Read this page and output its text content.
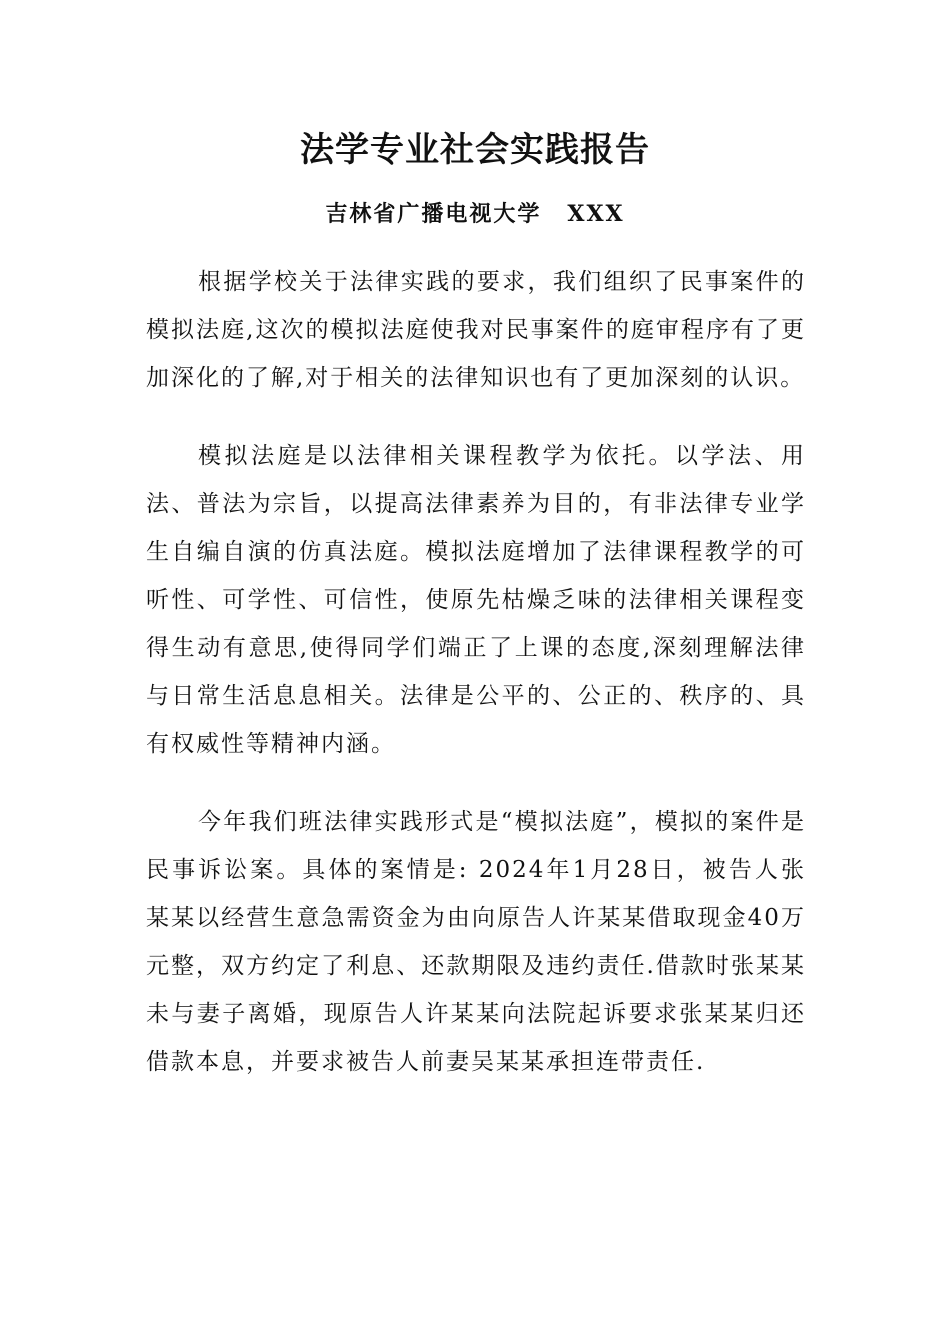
法学专业社会实践报告
吉林省广播电视大学 XXX

根据学校关于法律实践的要求，我们组织了民事案件的模拟法庭,这次的模拟法庭使我对民事案件的庭审程序有了更加深化的了解,对于相关的法律知识也有了更加深刻的认识。

模拟法庭是以法律相关课程教学为依托。以学法、用法、普法为宗旨，以提高法律素养为目的，有非法律专业学生自编自演的仿真法庭。模拟法庭增加了法律课程教学的可听性、可学性、可信性，使原先枯燥乏味的法律相关课程变得生动有意思,使得同学们端正了上课的态度,深刻理解法律与日常生活息息相关。法律是公平的、公正的、秩序的、具有权威性等精神内涵。

今年我们班法律实践形式是“模拟法庭”，模拟的案件是民事诉讼案。具体的案情是: 2024年1月28日，被告人张某某以经营生意急需资金为由向原告人许某某借取现金40万元整，双方约定了利息、还款期限及违约责任.借款时张某某未与妻子离婚，现原告人许某某向法院起诉要求张某某归还借款本息，并要求被告人前妻吴某某承担连带责任.
